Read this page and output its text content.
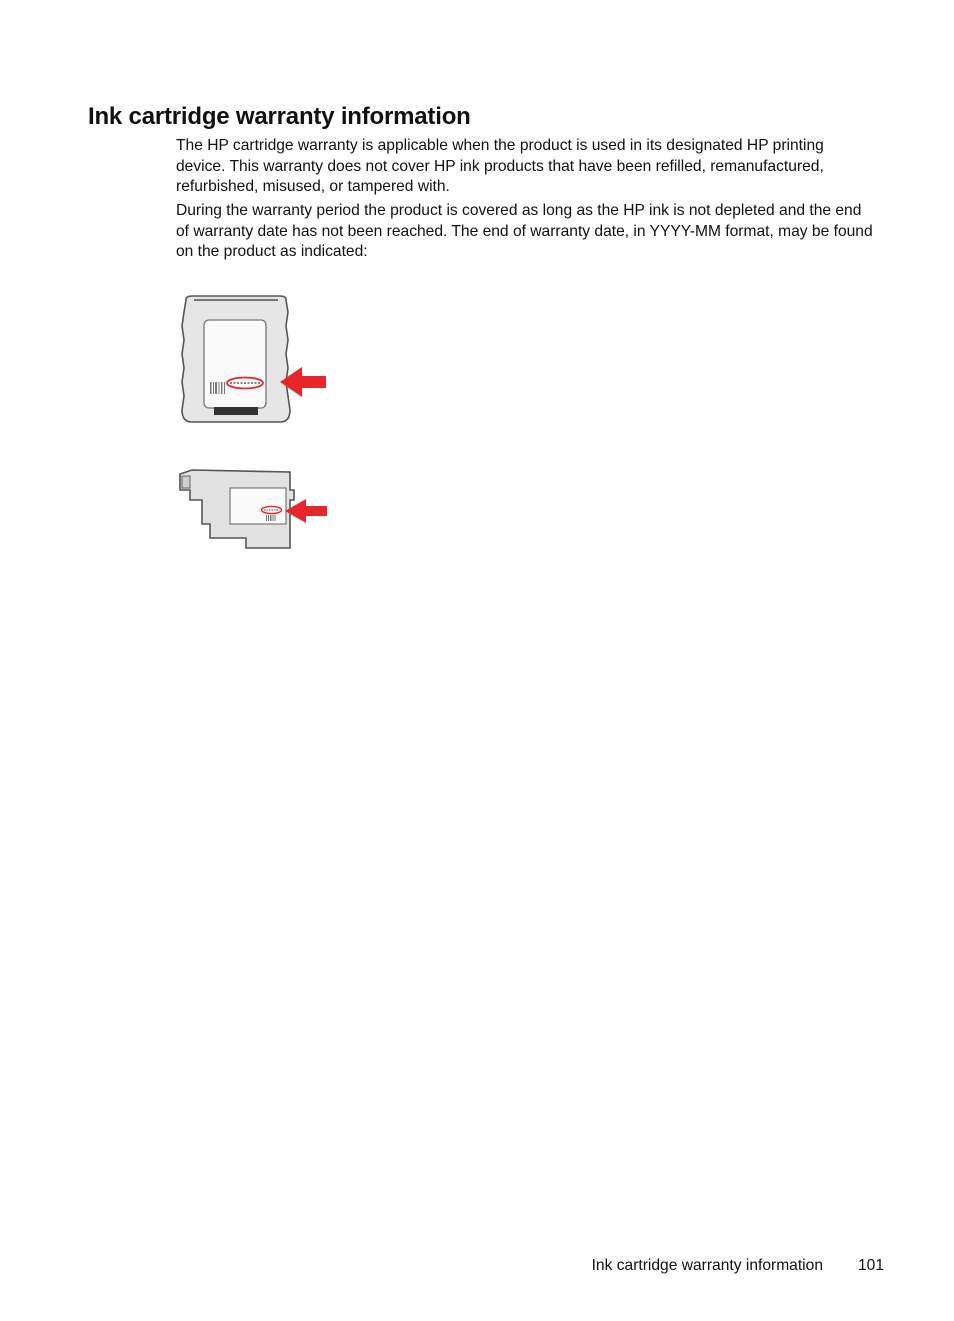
Ink cartridge warranty information

The HP cartridge warranty is applicable when the product is used in its designated HP printing device. This warranty does not cover HP ink products that have been refilled, remanufactured, refurbished, misused, or tampered with.

During the warranty period the product is covered as long as the HP ink is not depleted and the end of warranty date has not been reached. The end of warranty date, in YYYY-MM format, may be found on the product as indicated:

Ink cartridge warranty information 101
